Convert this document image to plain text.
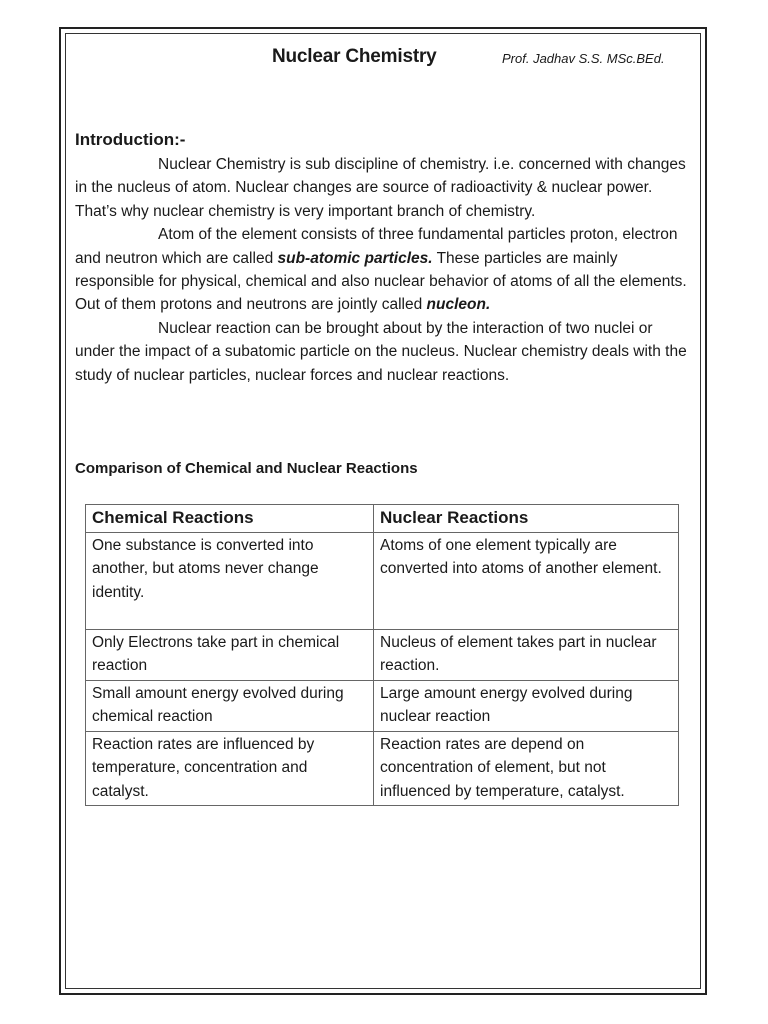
Nuclear Chemistry	Prof. Jadhav S.S. MSc.BEd.
Introduction:-

Nuclear Chemistry is sub discipline of chemistry. i.e. concerned with changes in the nucleus of atom. Nuclear changes are source of radioactivity & nuclear power. That’s why nuclear chemistry is very important branch of chemistry.

Atom of the element consists of three fundamental particles proton, electron and neutron which are called sub-atomic particles. These particles are mainly responsible for physical, chemical and also nuclear behavior of atoms of all the elements. Out of them protons and neutrons are jointly called nucleon.

Nuclear reaction can be brought about by the interaction of two nuclei or under the impact of a subatomic particle on the nucleus. Nuclear chemistry deals with the study of nuclear particles, nuclear forces and nuclear reactions.

Comparison of Chemical and Nuclear Reactions
Chemical Reactions	Nuclear Reactions
One substance is converted into another, but atoms never change identity.	Atoms of one element typically are converted into atoms of another element.
Only Electrons take part in chemical reaction	Nucleus of element takes part in nuclear reaction.
Small amount energy evolved during chemical reaction	Large amount energy evolved during nuclear reaction
Reaction rates are influenced by temperature, concentration and catalyst.	Reaction rates are depend on concentration of element, but not influenced by temperature, catalyst.
